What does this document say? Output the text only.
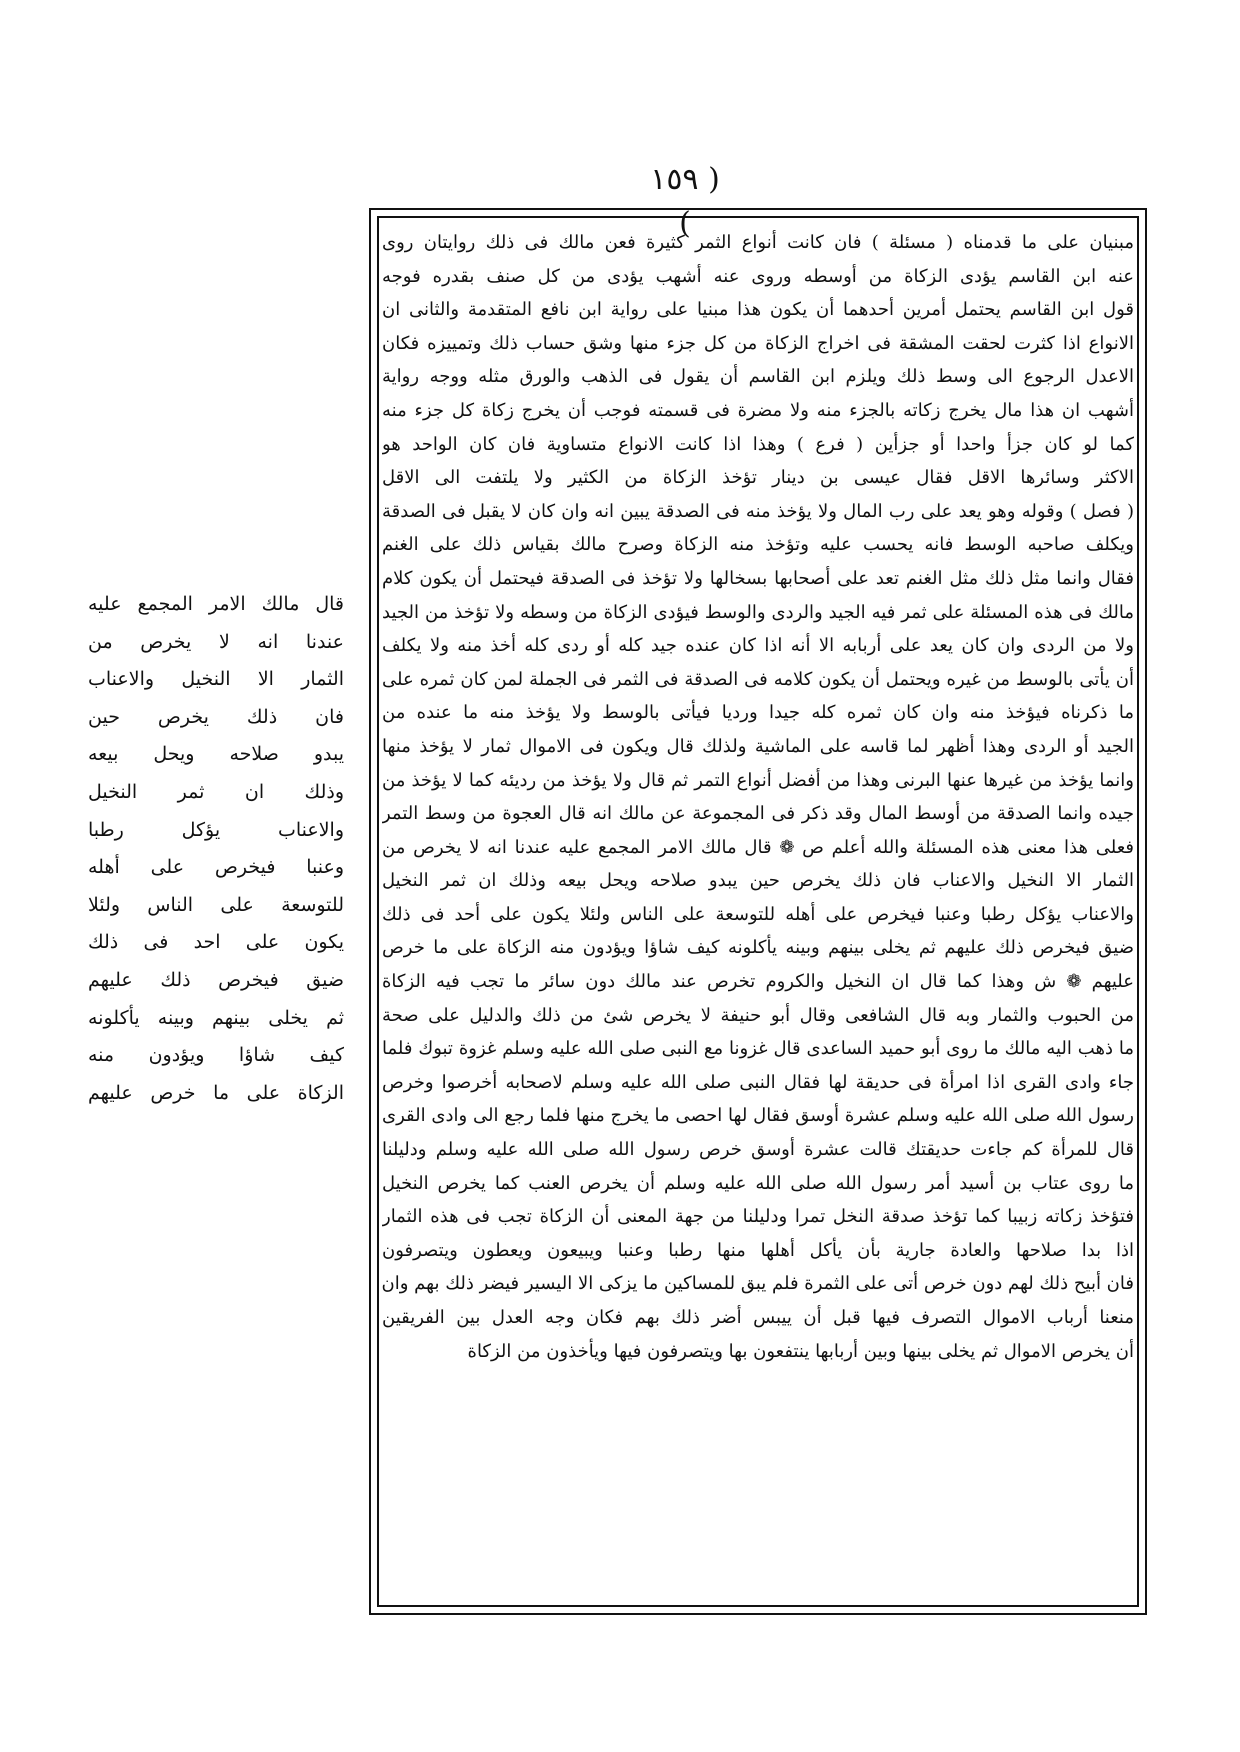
( ١٥٩ )
مبنيان على ما قدمناه ( مسئلة ) فان كانت أنواع الثمر كثيرة فعن مالك فى ذلك روايتان روى
عنه ابن القاسم يؤدى الزكاة من أوسطه وروى عنه أشهب يؤدى من كل صنف بقدره فوجه
قول ابن القاسم يحتمل أمرين أحدهما أن يكون هذا مبنيا على رواية ابن نافع المتقدمة والثانى ان
الانواع اذا كثرت لحقت المشقة فى اخراج الزكاة من كل جزء منها وشق حساب ذلك وتمييزه فكان
الاعدل الرجوع الى وسط ذلك ويلزم ابن القاسم أن يقول فى الذهب والورق مثله ووجه رواية
أشهب ان هذا مال يخرج زكاته بالجزء منه ولا مضرة فى قسمته فوجب أن يخرج زكاة كل جزء منه
كما لو كان جزأ واحدا أو جزأين ( فرع ) وهذا اذا كانت الانواع متساوية فان كان الواحد هو
الاكثر وسائرها الاقل فقال عيسى بن دينار تؤخذ الزكاة من الكثير ولا يلتفت الى الاقل
( فصل ) وقوله وهو يعد على رب المال ولا يؤخذ منه فى الصدقة يبين انه وان كان لا يقبل فى الصدقة
ويكلف صاحبه الوسط فانه يحسب عليه وتؤخذ منه الزكاة وصرح مالك بقياس ذلك على الغنم
فقال وانما مثل ذلك مثل الغنم تعد على أصحابها بسخالها ولا تؤخذ فى الصدقة فيحتمل أن يكون كلام
مالك فى هذه المسئلة على ثمر فيه الجيد والردى والوسط فيؤدى الزكاة من وسطه ولا تؤخذ من الجيد
ولا من الردى وان كان يعد على أربابه الا أنه اذا كان عنده جيد كله أو ردى كله أخذ منه ولا يكلف
أن يأتى بالوسط من غيره ويحتمل أن يكون كلامه فى الصدقة فى الثمر فى الجملة لمن كان ثمره على
ما ذكرناه فيؤخذ منه وان كان ثمره كله جيدا ورديا فيأتى بالوسط ولا يؤخذ منه ما عنده من
الجيد أو الردى وهذا أظهر لما قاسه على الماشية ولذلك قال ويكون فى الاموال ثمار لا يؤخذ منها
وانما يؤخذ من غيرها عنها البرنى وهذا من أفضل أنواع التمر ثم قال ولا يؤخذ من رديئه كما لا يؤخذ من
جيده وانما الصدقة من أوسط المال وقد ذكر فى المجموعة عن مالك انه قال العجوة من وسط التمر
فعلى هذا معنى هذه المسئلة والله أعلم ص ❁ قال مالك الامر المجمع عليه عندنا انه لا يخرص من
الثمار الا النخيل والاعناب فان ذلك يخرص حين يبدو صلاحه ويحل بيعه وذلك ان ثمر النخيل
والاعناب يؤكل رطبا وعنبا فيخرص على أهله للتوسعة على الناس ولئلا يكون على أحد فى ذلك
ضيق فيخرص ذلك عليهم ثم يخلى بينهم وبينه يأكلونه كيف شاؤا ويؤدون منه الزكاة على ما خرص
عليهم ❁ ش وهذا كما قال ان النخيل والكروم تخرص عند مالك دون سائر ما تجب فيه الزكاة
من الحبوب والثمار وبه قال الشافعى وقال أبو حنيفة لا يخرص شئ من ذلك والدليل على صحة
ما ذهب اليه مالك ما روى أبو حميد الساعدى قال غزونا مع النبى صلى الله عليه وسلم غزوة تبوك فلما
جاء وادى القرى اذا امرأة فى حديقة لها فقال النبى صلى الله عليه وسلم لاصحابه أخرصوا وخرص
رسول الله صلى الله عليه وسلم عشرة أوسق فقال لها احصى ما يخرج منها فلما رجع الى وادى القرى
قال للمرأة كم جاءت حديقتك قالت عشرة أوسق خرص رسول الله صلى الله عليه وسلم ودليلنا
ما روى عتاب بن أسيد أمر رسول الله صلى الله عليه وسلم أن يخرص العنب كما يخرص النخيل
فتؤخذ زكاته زبيبا كما تؤخذ صدقة النخل تمرا ودليلنا من جهة المعنى أن الزكاة تجب فى هذه الثمار
اذا بدا صلاحها والعادة جارية بأن يأكل أهلها منها رطبا وعنبا ويبيعون ويعطون ويتصرفون
فان أبيح ذلك لهم دون خرص أتى على الثمرة فلم يبق للمساكين ما يزكى الا اليسير فيضر ذلك بهم وان
منعنا أرباب الاموال التصرف فيها قبل أن ييبس أضر ذلك بهم فكان وجه العدل بين الفريقين
أن يخرص الاموال ثم يخلى بينها وبين أربابها ينتفعون بها ويتصرفون فيها ويأخذون من الزكاة
قال مالك الامر المجمع عليه
عندنا انه لا يخرص من
الثمار الا النخيل والاعناب
فان ذلك يخرص حين
يبدو صلاحه ويحل بيعه
وذلك ان ثمر النخيل
والاعناب يؤكل رطبا
وعنبا فيخرص على أهله
للتوسعة على الناس ولئلا
يكون على احد فى ذلك
ضيق فيخرص ذلك عليهم
ثم يخلى بينهم وبينه يأكلونه
كيف شاؤا ويؤدون منه
الزكاة على ما خرص عليهم
